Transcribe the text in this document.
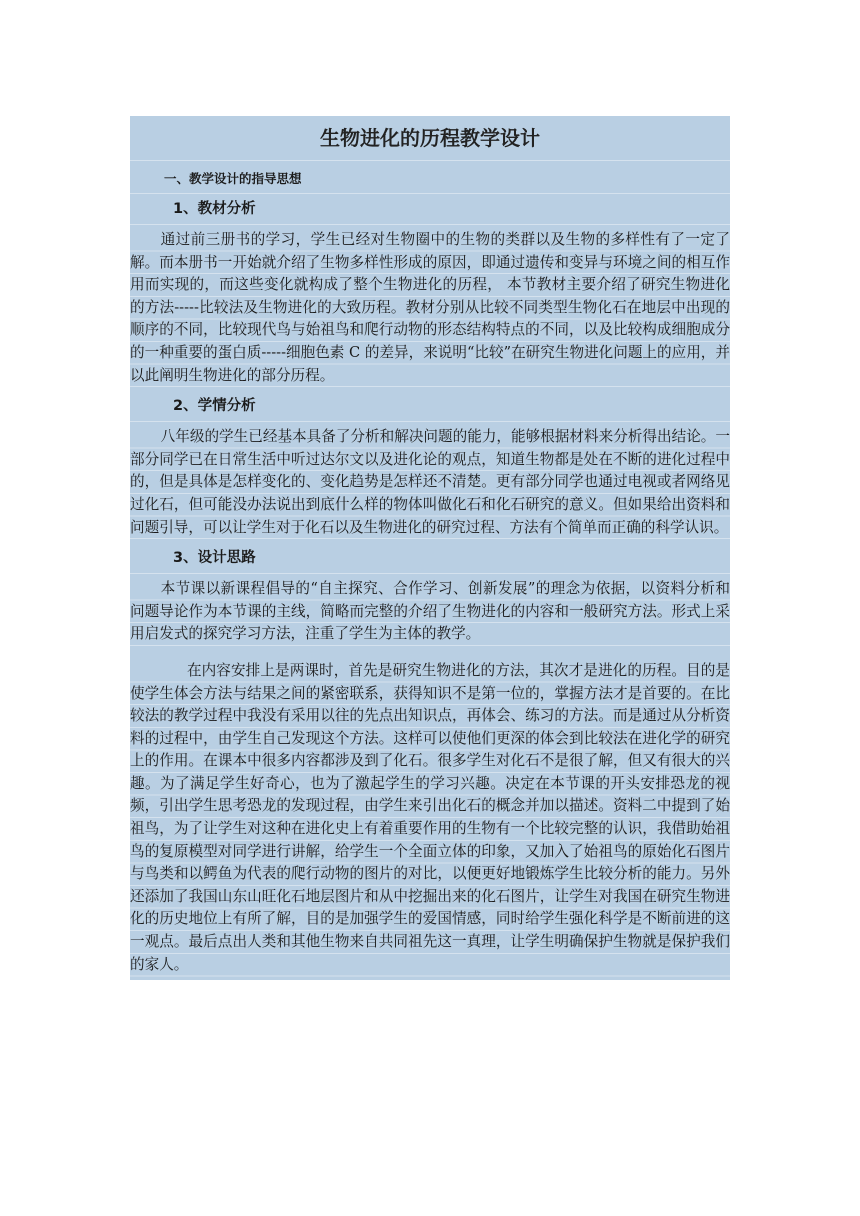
生物进化的历程教学设计
一、教学设计的指导思想
1、教材分析

通过前三册书的学习，学生已经对生物圈中的生物的类群以及生物的多样性有了一定了解。而本册书一开始就介绍了生物多样性形成的原因，即通过遗传和变异与环境之间的相互作用而实现的，而这些变化就构成了整个生物进化的历程， 本节教材主要介绍了研究生物进化的方法-----比较法及生物进化的大致历程。教材分别从比较不同类型生物化石在地层中出现的顺序的不同，比较现代鸟与始祖鸟和爬行动物的形态结构特点的不同，以及比较构成细胞成分的一种重要的蛋白质-----细胞色素 C 的差异，来说明“比较”在研究生物进化问题上的应用，并以此阐明生物进化的部分历程。

2、学情分析

八年级的学生已经基本具备了分析和解决问题的能力，能够根据材料来分析得出结论。一部分同学已在日常生活中听过达尔文以及进化论的观点，知道生物都是处在不断的进化过程中的，但是具体是怎样变化的、变化趋势是怎样还不清楚。更有部分同学也通过电视或者网络见过化石，但可能没办法说出到底什么样的物体叫做化石和化石研究的意义。但如果给出资料和问题引导，可以让学生对于化石以及生物进化的研究过程、方法有个简单而正确的科学认识。

3、设计思路

本节课以新课程倡导的“自主探究、合作学习、创新发展”的理念为依据，以资料分析和问题导论作为本节课的主线，简略而完整的介绍了生物进化的内容和一般研究方法。形式上采用启发式的探究学习方法，注重了学生为主体的教学。

在内容安排上是两课时，首先是研究生物进化的方法，其次才是进化的历程。目的是使学生体会方法与结果之间的紧密联系，获得知识不是第一位的，掌握方法才是首要的。在比较法的教学过程中我没有采用以往的先点出知识点，再体会、练习的方法。而是通过从分析资料的过程中，由学生自己发现这个方法。这样可以使他们更深的体会到比较法在进化学的研究上的作用。在课本中很多内容都涉及到了化石。很多学生对化石不是很了解，但又有很大的兴趣。为了满足学生好奇心，也为了激起学生的学习兴趣。决定在本节课的开头安排恐龙的视频，引出学生思考恐龙的发现过程，由学生来引出化石的概念并加以描述。资料二中提到了始祖鸟，为了让学生对这种在进化史上有着重要作用的生物有一个比较完整的认识，我借助始祖鸟的复原模型对同学进行讲解，给学生一个全面立体的印象，又加入了始祖鸟的原始化石图片与鸟类和以鳄鱼为代表的爬行动物的图片的对比，以便更好地锻炼学生比较分析的能力。另外还添加了我国山东山旺化石地层图片和从中挖掘出来的化石图片，让学生对我国在研究生物进化的历史地位上有所了解，目的是加强学生的爱国情感，同时给学生强化科学是不断前进的这一观点。最后点出人类和其他生物来自共同祖先这一真理，让学生明确保护生物就是保护我们的家人。
